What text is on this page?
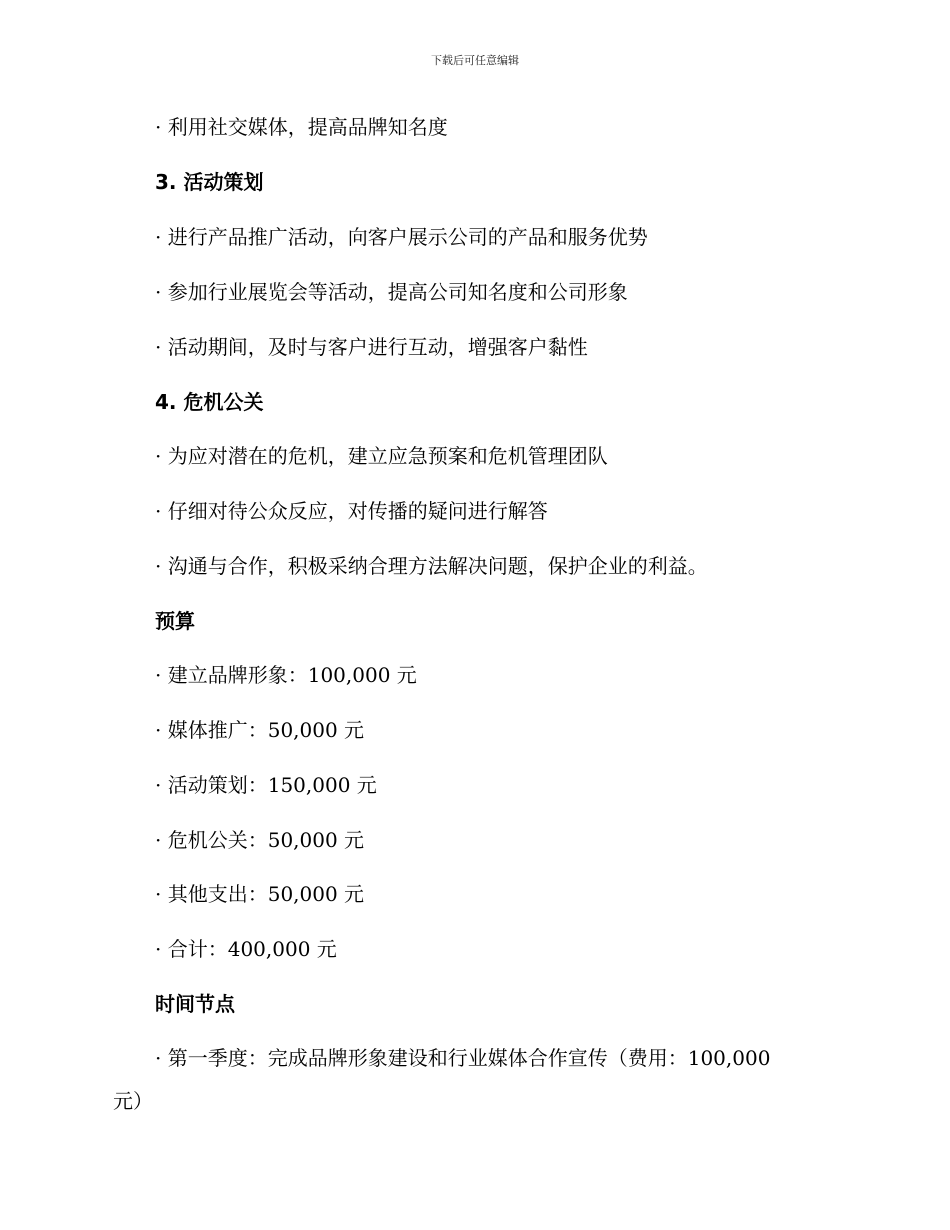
下载后可任意编辑
· 利用社交媒体，提高品牌知名度
3. 活动策划
· 进行产品推广活动，向客户展示公司的产品和服务优势
· 参加行业展览会等活动，提高公司知名度和公司形象
· 活动期间，及时与客户进行互动，增强客户黏性
4. 危机公关
· 为应对潜在的危机，建立应急预案和危机管理团队
· 仔细对待公众反应，对传播的疑问进行解答
· 沟通与合作，积极采纳合理方法解决问题，保护企业的利益。
预算
· 建立品牌形象：100,000 元
· 媒体推广：50,000 元
· 活动策划：150,000 元
· 危机公关：50,000 元
· 其他支出：50,000 元
· 合计：400,000 元
时间节点
· 第一季度：完成品牌形象建设和行业媒体合作宣传（费用：100,000
元）
